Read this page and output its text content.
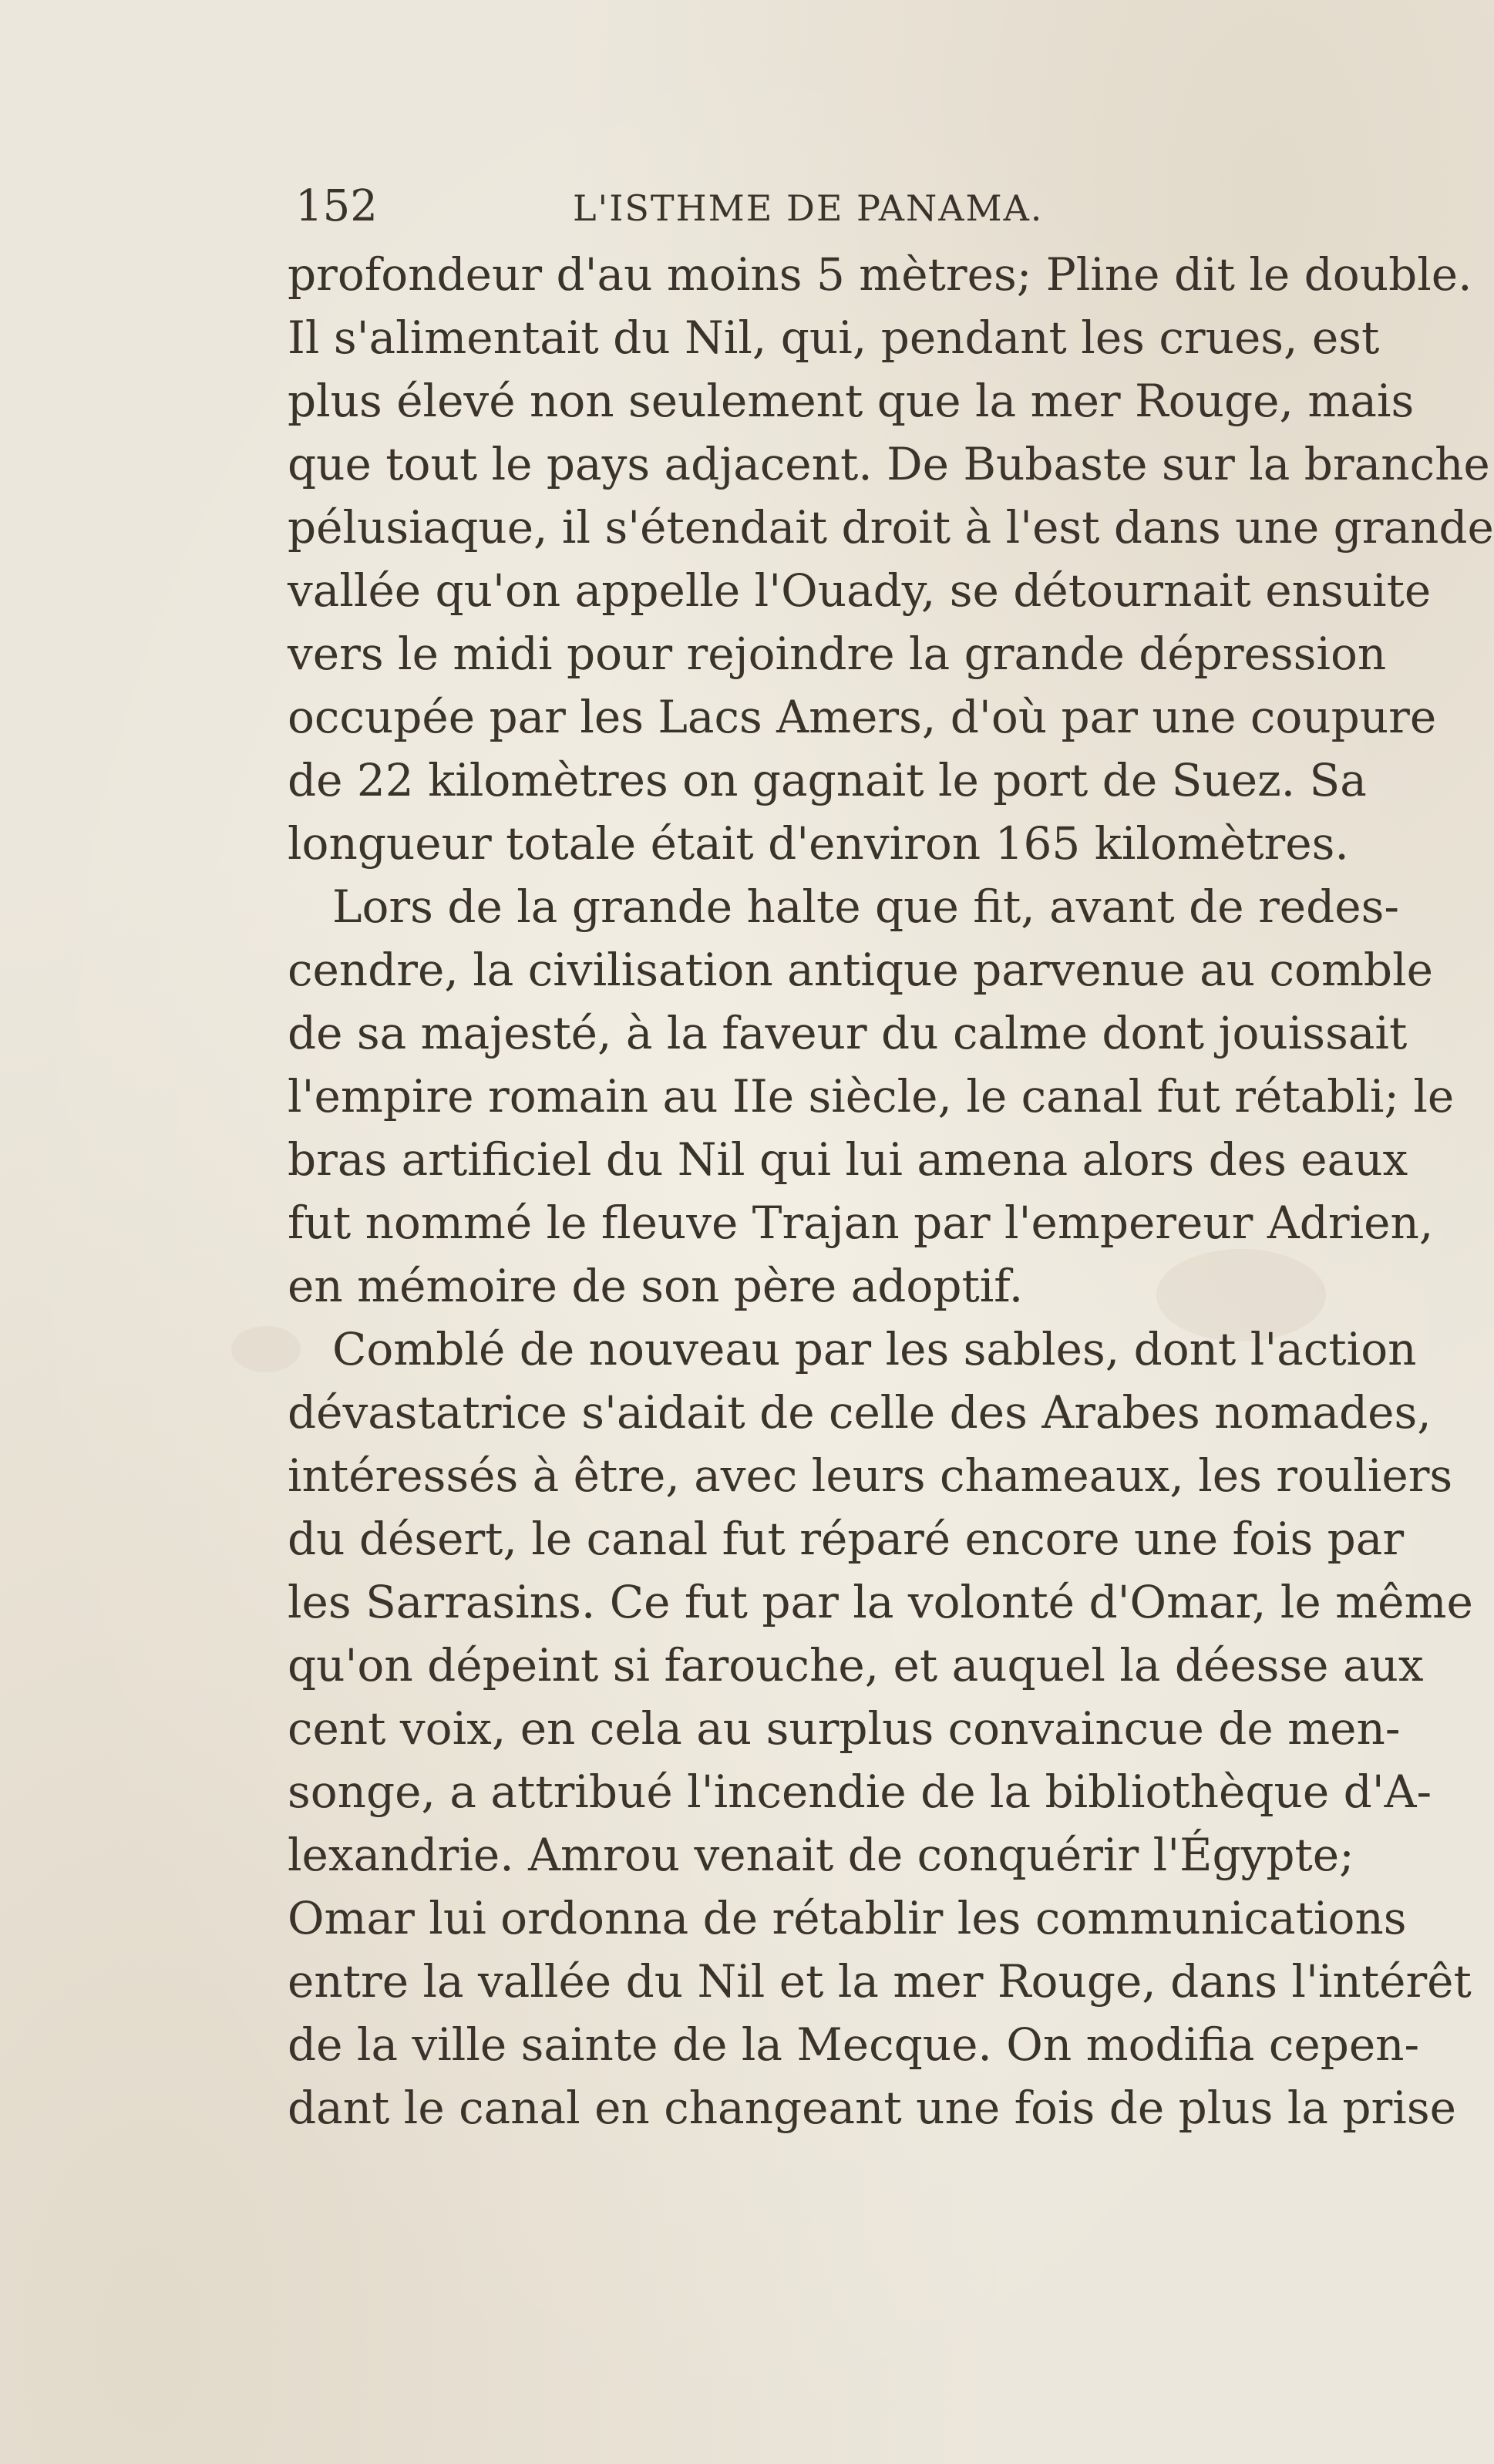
152	L'ISTHME DE PANAMA.
profondeur d'au moins 5 mètres; Pline dit le double.
Il s'alimentait du Nil, qui, pendant les crues, est
plus élevé non seulement que la mer Rouge, mais
que tout le pays adjacent. De Bubaste sur la branche
pélusiaque, il s'étendait droit à l'est dans une grande
vallée qu'on appelle l'Ouady, se détournait ensuite
vers le midi pour rejoindre la grande dépression
occupée par les Lacs Amers, d'où par une coupure
de 22 kilomètres on gagnait le port de Suez. Sa
longueur totale était d'environ 165 kilomètres.
Lors de la grande halte que fit, avant de redes-
cendre, la civilisation antique parvenue au comble
de sa majesté, à la faveur du calme dont jouissait
l'empire romain au IIe siècle, le canal fut rétabli; le
bras artificiel du Nil qui lui amena alors des eaux
fut nommé le fleuve Trajan par l'empereur Adrien,
en mémoire de son père adoptif.
Comblé de nouveau par les sables, dont l'action
dévastatrice s'aidait de celle des Arabes nomades,
intéressés à être, avec leurs chameaux, les rouliers
du désert, le canal fut réparé encore une fois par
les Sarrasins. Ce fut par la volonté d'Omar, le même
qu'on dépeint si farouche, et auquel la déesse aux
cent voix, en cela au surplus convaincue de men-
songe, a attribué l'incendie de la bibliothèque d'A-
lexandrie. Amrou venait de conquérir l'Égypte;
Omar lui ordonna de rétablir les communications
entre la vallée du Nil et la mer Rouge, dans l'intérêt
de la ville sainte de la Mecque. On modifia cepen-
dant le canal en changeant une fois de plus la prise
